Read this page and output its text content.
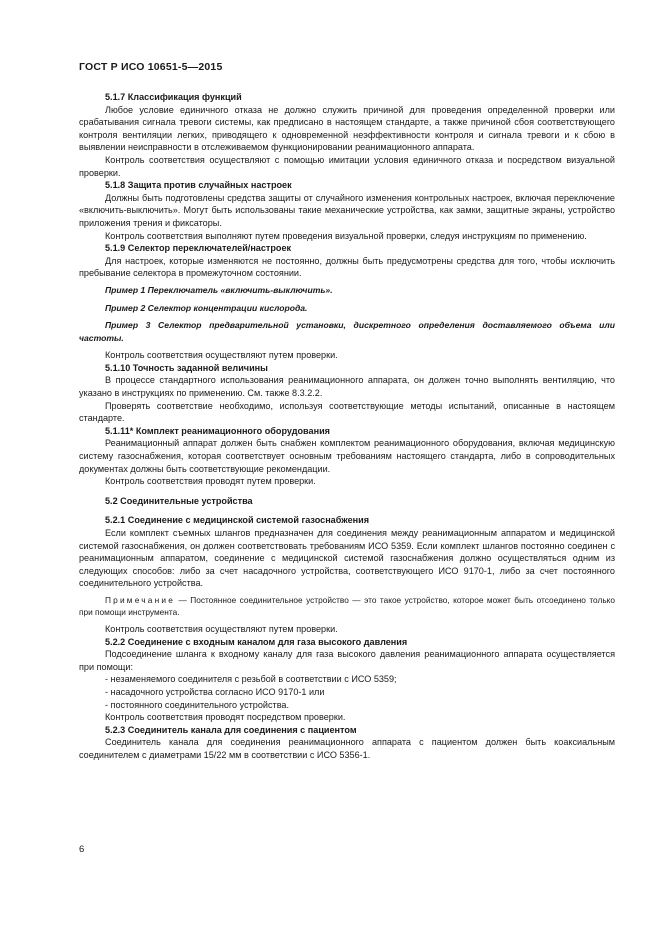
ГОСТ Р ИСО 10651-5—2015

5.1.7 Классификация функций

Любое условие единичного отказа не должно служить причиной для проведения определенной проверки или срабатывания сигнала тревоги системы, как предписано в настоящем стандарте, а также причиной сбоя соответствующего контроля вентиляции легких, приводящего к одновременной неэффективности контроля и сигнала тревоги и к сбою в выявлении неисправности в отслеживаемом функционировании реанимационного аппарата.

Контроль соответствия осуществляют с помощью имитации условия единичного отказа и посредством визуальной проверки.

5.1.8 Защита против случайных настроек

Должны быть подготовлены средства защиты от случайного изменения контрольных настроек, включая переключение «включить-выключить». Могут быть использованы такие механические устройства, как замки, защитные экраны, устройство приложения трения и фиксаторы.

Контроль соответствия выполняют путем проведения визуальной проверки, следуя инструкциям по применению.

5.1.9 Селектор переключателей/настроек

Для настроек, которые изменяются не постоянно, должны быть предусмотрены средства для того, чтобы исключить пребывание селектора в промежуточном состоянии.

Пример 1 Переключатель «включить-выключить».

Пример 2 Селектор концентрации кислорода.

Пример 3 Селектор предварительной установки, дискретного определения доставляемого объема или частоты.

Контроль соответствия осуществляют путем проверки.

5.1.10 Точность заданной величины

В процессе стандартного использования реанимационного аппарата, он должен точно выполнять вентиляцию, что указано в инструкциях по применению. См. также 8.3.2.2.

Проверять соответствие необходимо, используя соответствующие методы испытаний, описанные в настоящем стандарте.

5.1.11* Комплект реанимационного оборудования

Реанимационный аппарат должен быть снабжен комплектом реанимационного оборудования, включая медицинскую систему газоснабжения, которая соответствует основным требованиям настоящего стандарта, либо в сопроводительных документах должны быть соответствующие рекомендации.

Контроль соответствия проводят путем проверки.

5.2 Соединительные устройства

5.2.1 Соединение с медицинской системой газоснабжения

Если комплект съемных шлангов предназначен для соединения между реанимационным аппаратом и медицинской системой газоснабжения, он должен соответствовать требованиям ИСО 5359. Если комплект шлангов постоянно соединен с реанимационным аппаратом, соединение с медицинской системой газоснабжения должно осуществляться одним из следующих способов: либо за счет насадочного устройства, соответствующего ИСО 9170-1, либо за счет постоянного соединительного устройства.

Примечание — Постоянное соединительное устройство — это такое устройство, которое может быть отсоединено только при помощи инструмента.

Контроль соответствия осуществляют путем проверки.

5.2.2 Соединение с входным каналом для газа высокого давления

Подсоединение шланга к входному каналу для газа высокого давления реанимационного аппарата осуществляется при помощи:

- незаменяемого соединителя с резьбой в соответствии с ИСО 5359;

- насадочного устройства согласно ИСО 9170-1 или

- постоянного соединительного устройства.

Контроль соответствия проводят посредством проверки.

5.2.3 Соединитель канала для соединения с пациентом

Соединитель канала для соединения реанимационного аппарата с пациентом должен быть коаксиальным соединителем с диаметрами 15/22 мм в соответствии с ИСО 5356-1.

6
